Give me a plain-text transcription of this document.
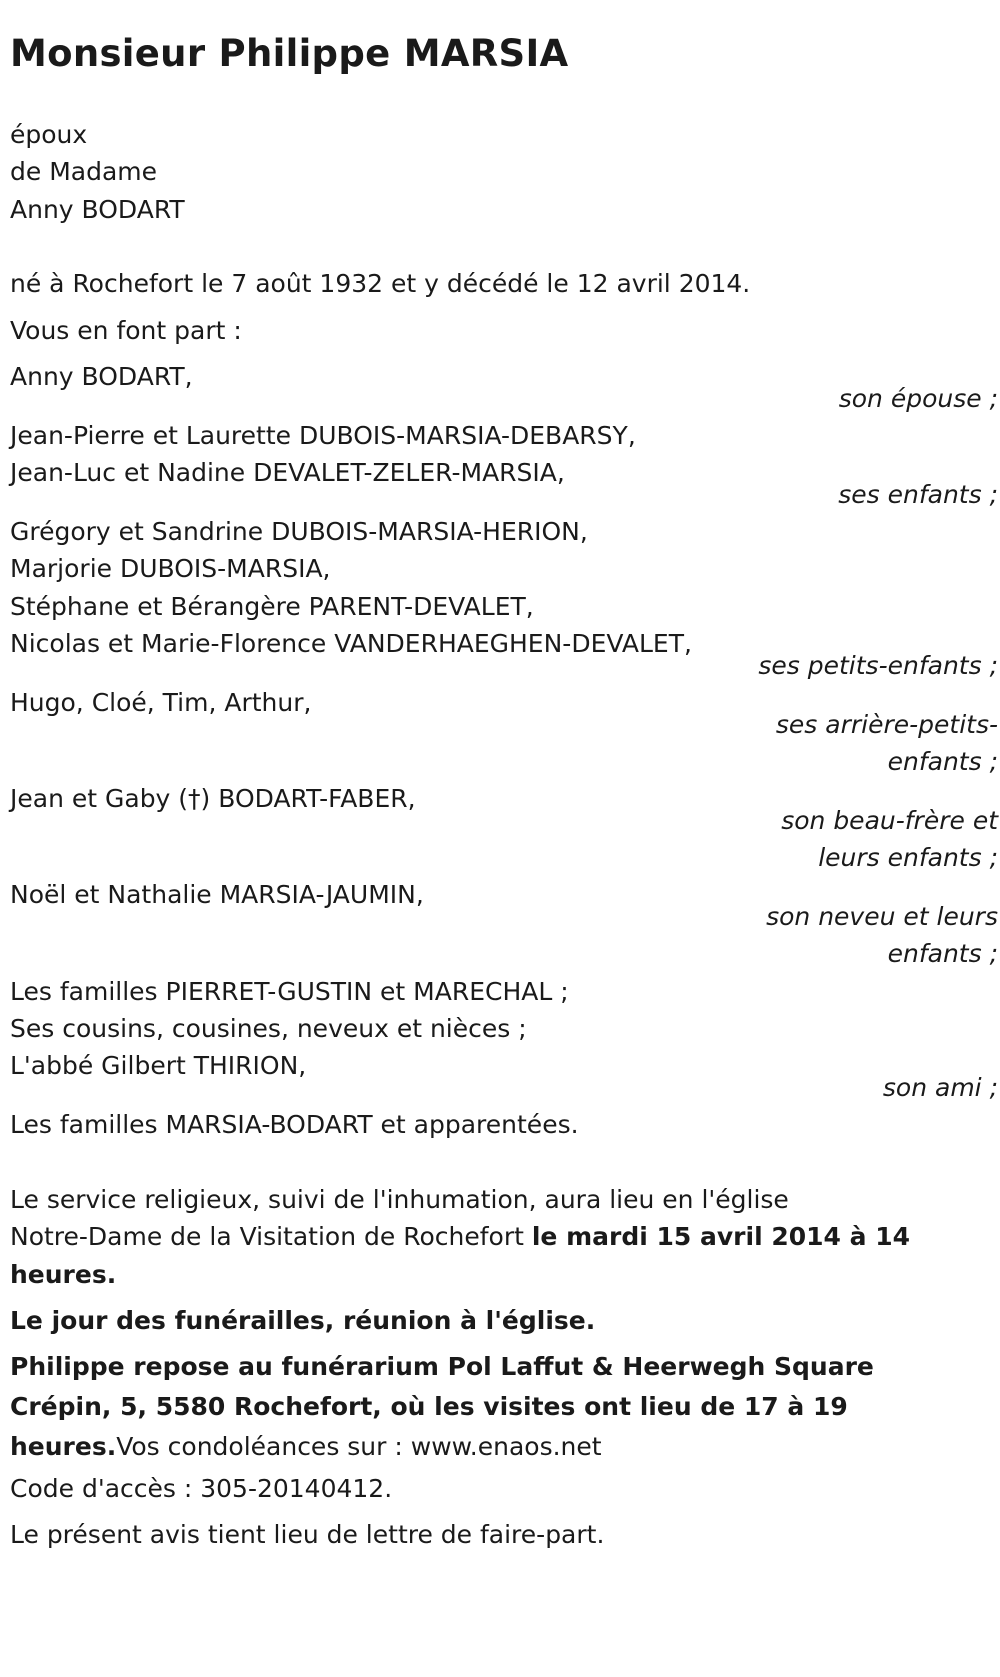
Monsieur Philippe MARSIA
époux
de Madame
Anny BODART
né à Rochefort le 7 août 1932 et y décédé le 12 avril 2014.
Vous en font part :
Anny BODART,
son épouse ;
Jean-Pierre et Laurette DUBOIS-MARSIA-DEBARSY,
Jean-Luc et Nadine DEVALET-ZELER-MARSIA,
ses enfants ;
Grégory et Sandrine DUBOIS-MARSIA-HERION,
Marjorie DUBOIS-MARSIA,
Stéphane et Bérangère PARENT-DEVALET,
Nicolas et Marie-Florence VANDERHAEGHEN-DEVALET,
ses petits-enfants ;
Hugo, Cloé, Tim, Arthur,
ses arrière-petits-
enfants ;
Jean et Gaby (†) BODART-FABER,
son beau-frère et
leurs enfants ;
Noël et Nathalie MARSIA-JAUMIN,
son neveu et leurs
enfants ;
Les familles PIERRET-GUSTIN et MARECHAL ;
Ses cousins, cousines, neveux et nièces ;
L'abbé Gilbert THIRION,
son ami ;
Les familles MARSIA-BODART et apparentées.
Le service religieux, suivi de l'inhumation, aura lieu en l'église
Notre-Dame de la Visitation de Rochefort le mardi 15 avril 2014 à 14
heures.
Le jour des funérailles, réunion à l'église.
Philippe repose au funérarium Pol Laffut & Heerwegh Square Crépin, 5, 5580 Rochefort, où les visites ont lieu de 17 à 19 heures.Vos condoléances sur : www.enaos.net
Code d'accès : 305-20140412.
Le présent avis tient lieu de lettre de faire-part.
